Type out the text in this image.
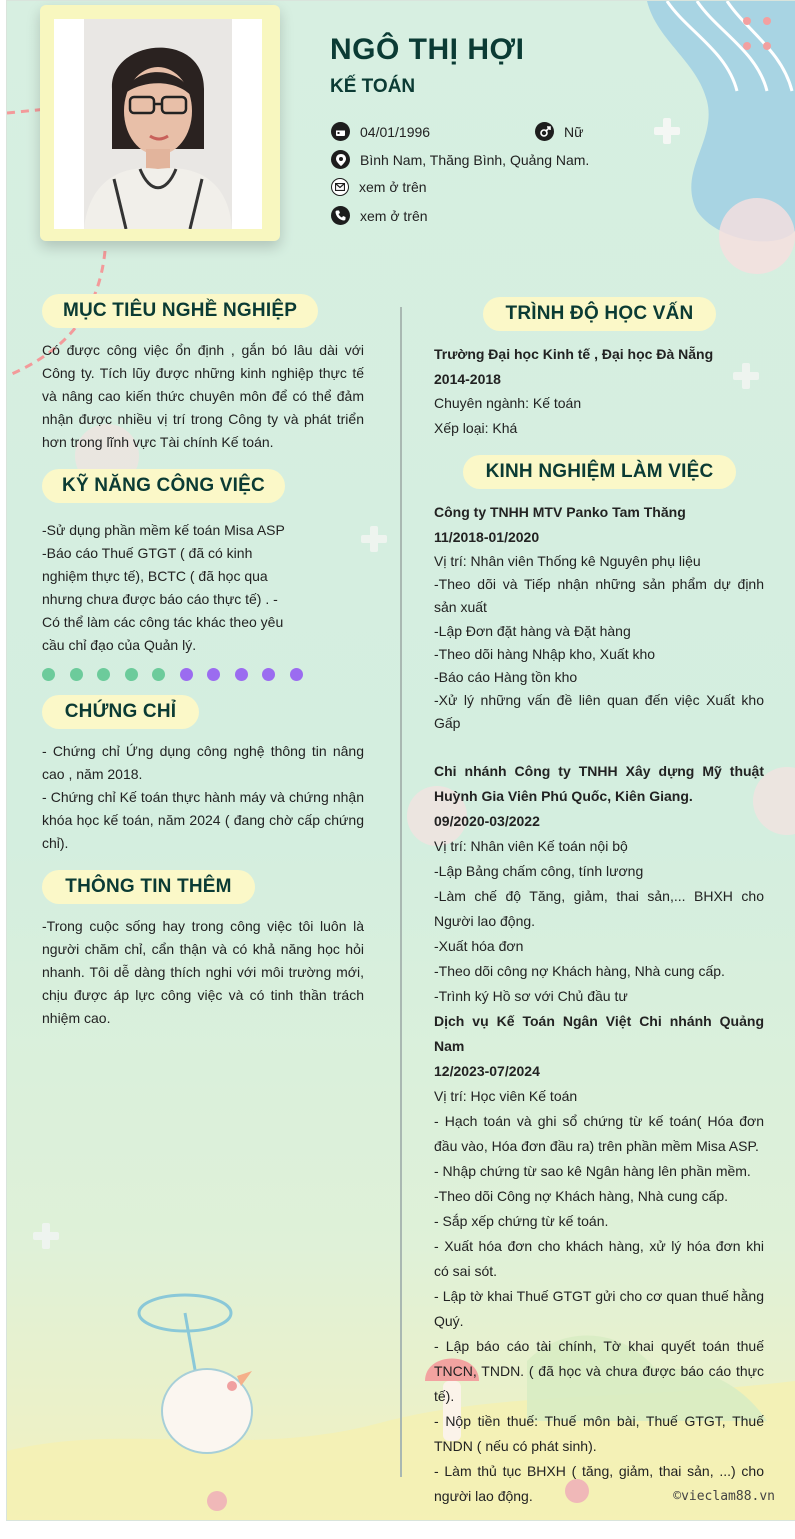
NGÔ THỊ HỢI
KẾ TOÁN
04/01/1996	Nữ
Bình Nam, Thăng Bình, Quảng Nam.
xem ở trên
xem ở trên
MỤC TIÊU NGHỀ NGHIỆP
Có được công việc ổn định , gắn bó lâu dài với Công ty. Tích lũy được những kinh nghiệp thực tế và nâng cao kiến thức chuyên môn để có thể đảm nhận được nhiều vị trí trong Công ty và phát triển hơn trong lĩnh vực Tài chính Kế toán.
KỸ NĂNG CÔNG VIỆC
-Sử dụng phần mềm kế toán Misa ASP
-Báo cáo Thuế GTGT ( đã có kinh
nghiệm thực tế), BCTC ( đã học qua
nhưng chưa được báo cáo thực tế) . -
Có thể làm các công tác khác theo yêu
cầu chỉ đạo của Quản lý.
CHỨNG CHỈ

- Chứng chỉ Ứng dụng công nghệ thông tin nâng cao , năm 2018.

- Chứng chỉ Kế toán thực hành máy và chứng nhận khóa học kế toán, năm 2024 ( đang chờ cấp chứng chỉ).

THÔNG TIN THÊM
-Trong cuộc sống hay trong công việc tôi luôn là người chăm chỉ, cẩn thận và có khả năng học hỏi nhanh. Tôi dễ dàng thích nghi với môi trường mới, chịu được áp lực công việc và có tinh thần trách nhiệm cao.
TRÌNH ĐỘ HỌC VẤN
Trường Đại học Kinh tế , Đại học Đà Nẵng
2014-2018
Chuyên ngành: Kế toán
Xếp loại: Khá
KINH NGHIỆM LÀM VIỆC
Công ty TNHH MTV Panko Tam Thăng
11/2018-01/2020
Vị trí: Nhân viên Thống kê Nguyên phụ liệu
-Theo dõi và Tiếp nhận những sản phẩm dự định sản xuất
-Lập Đơn đặt hàng và Đặt hàng
-Theo dõi hàng Nhập kho, Xuất kho
-Báo cáo Hàng tồn kho
-Xử lý những vấn đề liên quan đến việc Xuất kho Gấp
Chi nhánh Công ty TNHH Xây dựng Mỹ thuật Huỳnh Gia Viên Phú Quốc, Kiên Giang.
09/2020-03/2022
Vị trí: Nhân viên Kế toán nội bộ
-Lập Bảng chấm công, tính lương
-Làm chế độ Tăng, giảm, thai sản,... BHXH cho Người lao động.
-Xuất hóa đơn
-Theo dõi công nợ Khách hàng, Nhà cung cấp.
-Trình ký Hồ sơ với Chủ đầu tư
Dịch vụ Kế Toán Ngân Việt Chi nhánh Quảng Nam
12/2023-07/2024
Vị trí: Học viên Kế toán
- Hạch toán và ghi sổ chứng từ kế toán( Hóa đơn đầu vào, Hóa đơn đầu ra) trên phần mềm Misa ASP.
- Nhập chứng từ sao kê Ngân hàng lên phần mềm.
-Theo dõi Công nợ Khách hàng, Nhà cung cấp.
- Sắp xếp chứng từ kế toán.
- Xuất hóa đơn cho khách hàng, xử lý hóa đơn khi có sai sót.
- Lập tờ khai Thuế GTGT gửi cho cơ quan thuế hằng Quý.
- Lập báo cáo tài chính, Tờ khai quyết toán thuế TNCN, TNDN. ( đã học và chưa được báo cáo thực tế).
- Nộp tiền thuế: Thuế môn bài, Thuế GTGT, Thuế TNDN ( nếu có phát sinh).
- Làm thủ tục BHXH ( tăng, giảm, thai sản, ...) cho người lao động.	©vieclam88.vn
